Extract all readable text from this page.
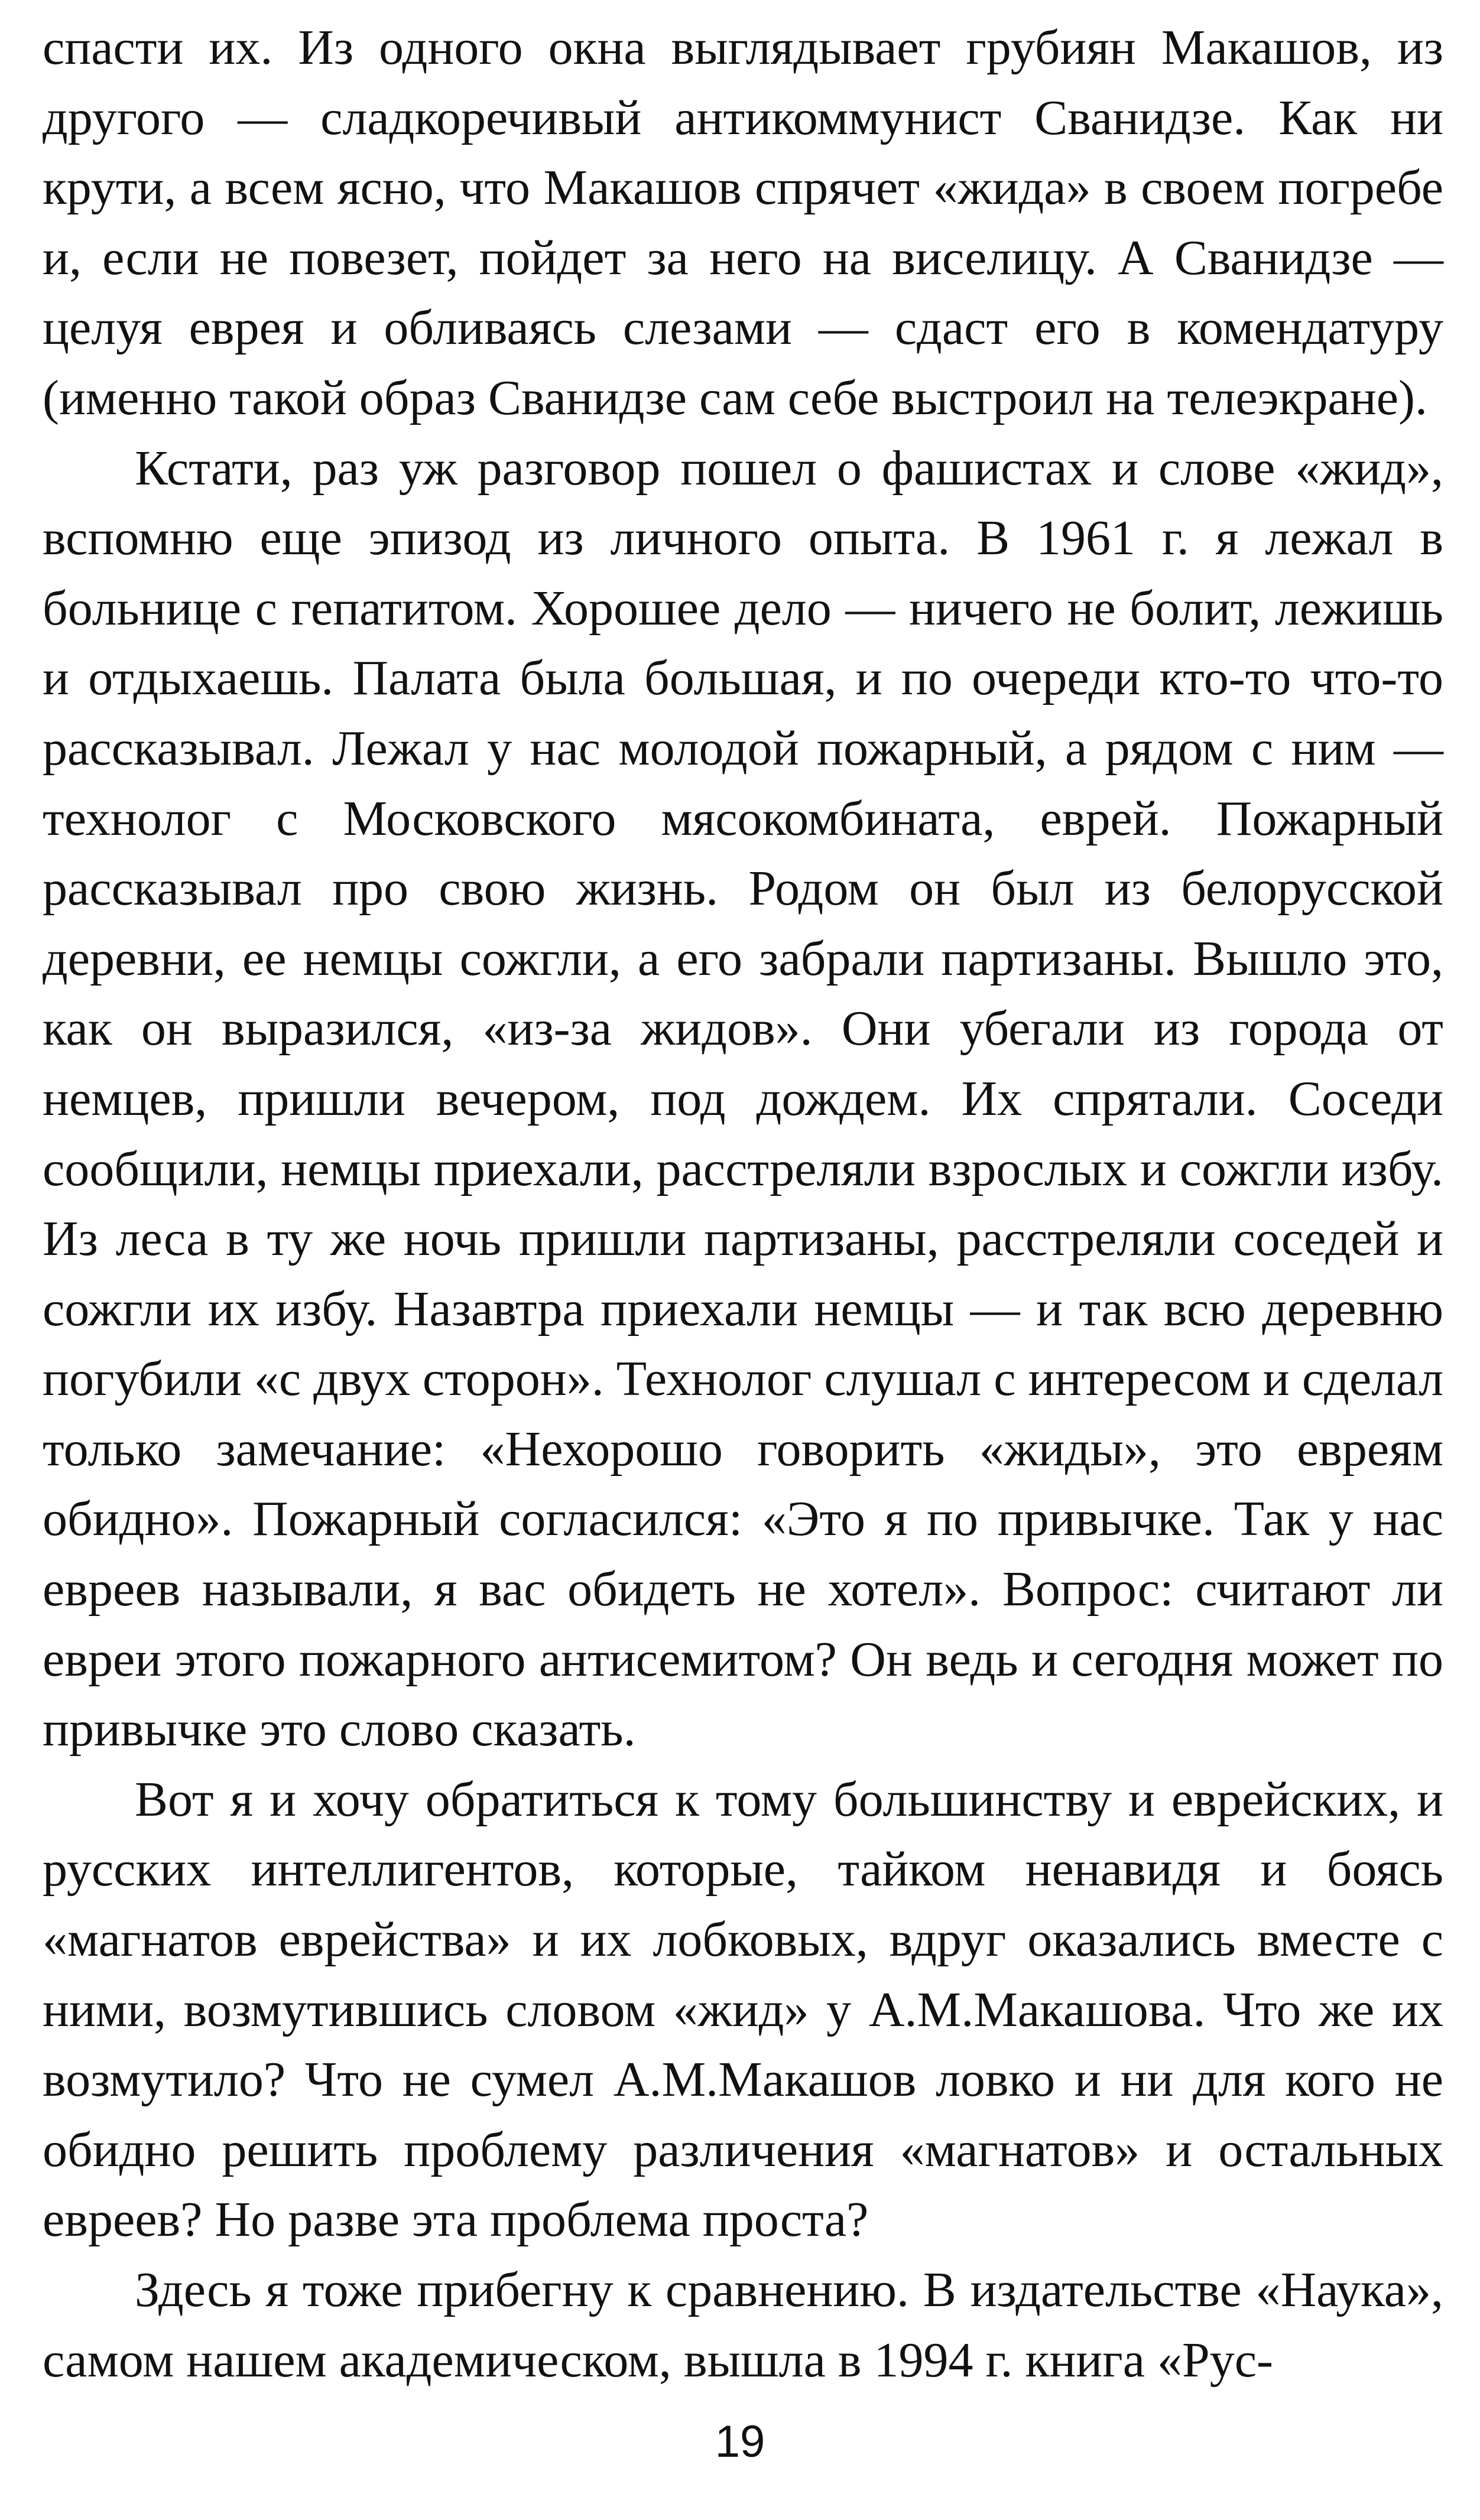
спасти их. Из одного окна выглядывает грубиян Макашов, из другого — сладкоречивый антикоммунист Сванидзе. Как ни крути, а всем ясно, что Макашов спрячет «жида» в своем погребе и, если не повезет, пойдет за него на виселицу. А Сванидзе — целуя еврея и обливаясь слезами — сдаст его в комендатуру (именно такой образ Сванидзе сам себе выстроил на телеэкране).

Кстати, раз уж разговор пошел о фашистах и слове «жид», вспомню еще эпизод из личного опыта. В 1961 г. я лежал в больнице с гепатитом. Хорошее дело — ничего не болит, лежишь и отдыхаешь. Палата была большая, и по очереди кто-то что-то рассказывал. Лежал у нас молодой пожарный, а рядом с ним — технолог с Московского мясокомбината, еврей. Пожарный рассказывал про свою жизнь. Родом он был из белорусской деревни, ее немцы сожгли, а его забрали партизаны. Вышло это, как он выразился, «из-за жидов». Они убегали из города от немцев, пришли вечером, под дождем. Их спрятали. Соседи сообщили, немцы приехали, расстреляли взрослых и сожгли избу. Из леса в ту же ночь пришли партизаны, расстреляли соседей и сожгли их избу. Назавтра приехали немцы — и так всю деревню погубили «с двух сторон». Технолог слушал с интересом и сделал только замечание: «Нехорошо говорить «жиды», это евреям обидно». Пожарный согласился: «Это я по привычке. Так у нас евреев называли, я вас обидеть не хотел». Вопрос: считают ли евреи этого пожарного антисемитом? Он ведь и сегодня может по привычке это слово сказать.

Вот я и хочу обратиться к тому большинству и еврейских, и русских интеллигентов, которые, тайком ненавидя и боясь «магнатов еврейства» и их лобковых, вдруг оказались вместе с ними, возмутившись словом «жид» у А.М.Макашова. Что же их возмутило? Что не сумел А.М.Макашов ловко и ни для кого не обидно решить проблему различения «магнатов» и остальных евреев? Но разве эта проблема проста?

Здесь я тоже прибегну к сравнению. В издательстве «Наука», самом нашем академическом, вышла в 1994 г. книга «Рус-

19
